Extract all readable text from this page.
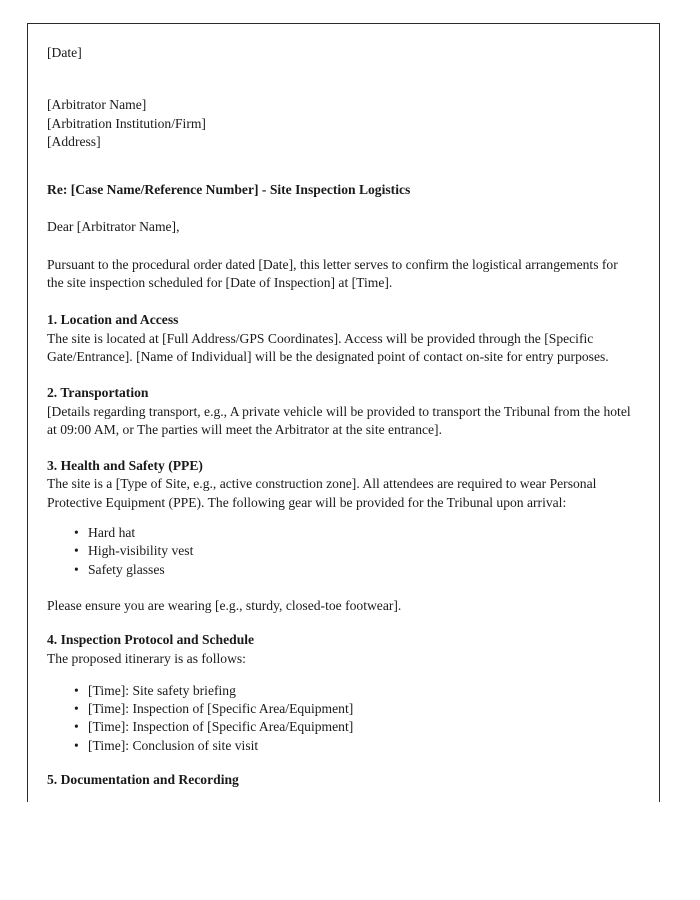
[Date]
[Arbitrator Name]
[Arbitration Institution/Firm]
[Address]
Re: [Case Name/Reference Number] - Site Inspection Logistics
Dear [Arbitrator Name],

Pursuant to the procedural order dated [Date], this letter serves to confirm the logistical arrangements for the site inspection scheduled for [Date of Inspection] at [Time].

1. Location and Access

The site is located at [Full Address/GPS Coordinates]. Access will be provided through the [Specific Gate/Entrance]. [Name of Individual] will be the designated point of contact on-site for entry purposes.

2. Transportation

[Details regarding transport, e.g., A private vehicle will be provided to transport the Tribunal from the hotel at 09:00 AM, or The parties will meet the Arbitrator at the site entrance].

3. Health and Safety (PPE)

The site is a [Type of Site, e.g., active construction zone]. All attendees are required to wear Personal Protective Equipment (PPE). The following gear will be provided for the Tribunal upon arrival:

• Hard hat
• High-visibility vest
• Safety glasses

Please ensure you are wearing [e.g., sturdy, closed-toe footwear].

4. Inspection Protocol and Schedule

The proposed itinerary is as follows:

• [Time]: Site safety briefing
• [Time]: Inspection of [Specific Area/Equipment]
• [Time]: Inspection of [Specific Area/Equipment]
• [Time]: Conclusion of site visit
5. Documentation and Recording
